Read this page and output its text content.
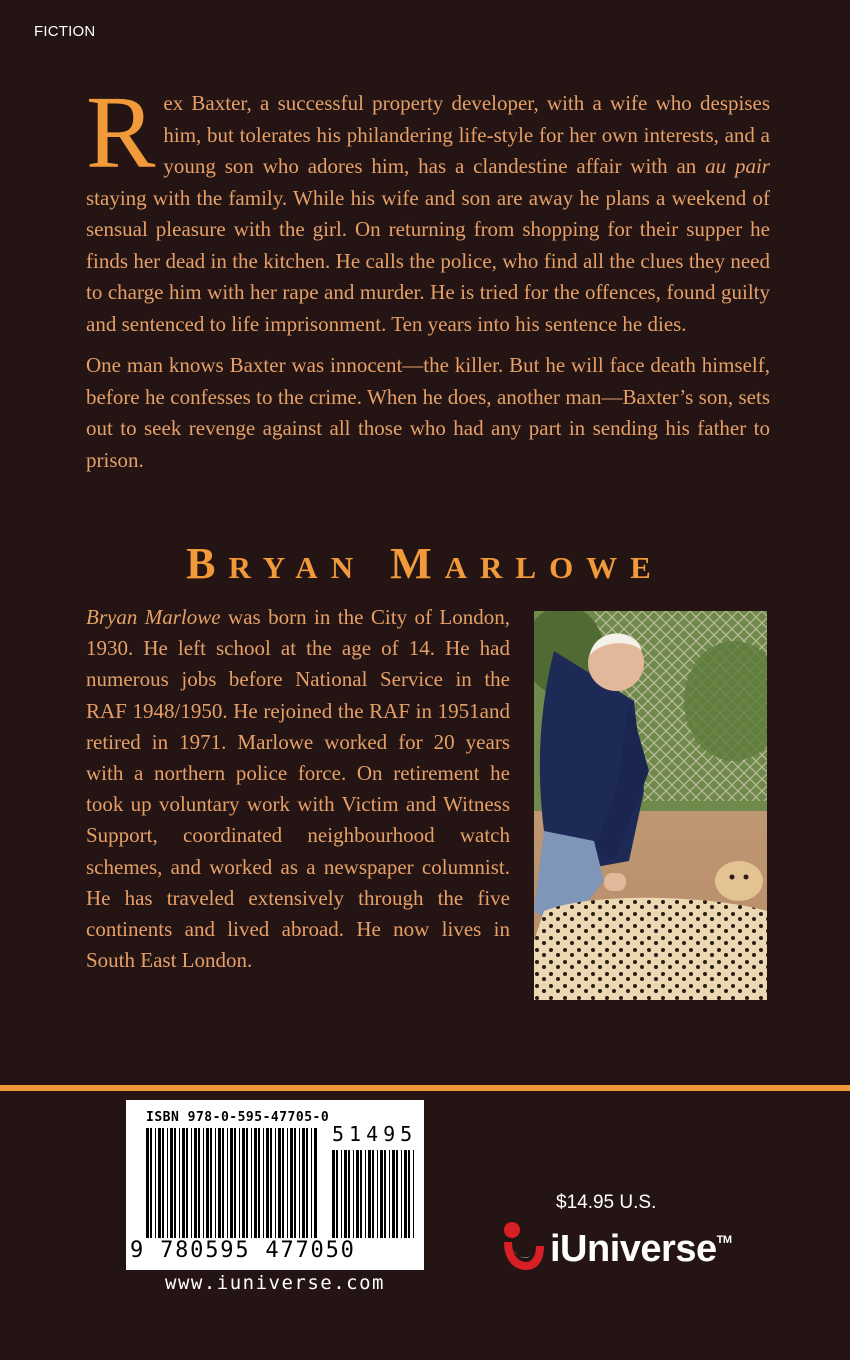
FICTION

Rex Baxter, a successful property developer, with a wife who despises him, but tolerates his philandering life-style for her own interests, and a young son who adores him, has a clandestine affair with an au pair staying with the family. While his wife and son are away he plans a weekend of sensual pleasure with the girl. On returning from shopping for their supper he finds her dead in the kitchen. He calls the police, who find all the clues they need to charge him with her rape and murder. He is tried for the offences, found guilty and sentenced to life imprisonment. Ten years into his sentence he dies.

One man knows Baxter was innocent—the killer. But he will face death himself, before he confesses to the crime. When he does, another man—Baxter’s son, sets out to seek revenge against all those who had any part in sending his father to prison.

Bryan Marlowe
Bryan Marlowe was born in the City of London, 1930. He left school at the age of 14. He had numerous jobs before National Service in the RAF 1948/1950. He rejoined the RAF in 1951and retired in 1971. Marlowe worked for 20 years with a northern police force. On retirement he took up voluntary work with Victim and Witness Support, coordinated neighbourhood watch schemes, and worked as a newspaper columnist. He has traveled extensively through the five continents and lived abroad. He now lives in South East London.
ISBN 978-0-595-47705-0
51495
9 780595 477050
www.iuniverse.com
$14.95 U.S.
iUniverse™
